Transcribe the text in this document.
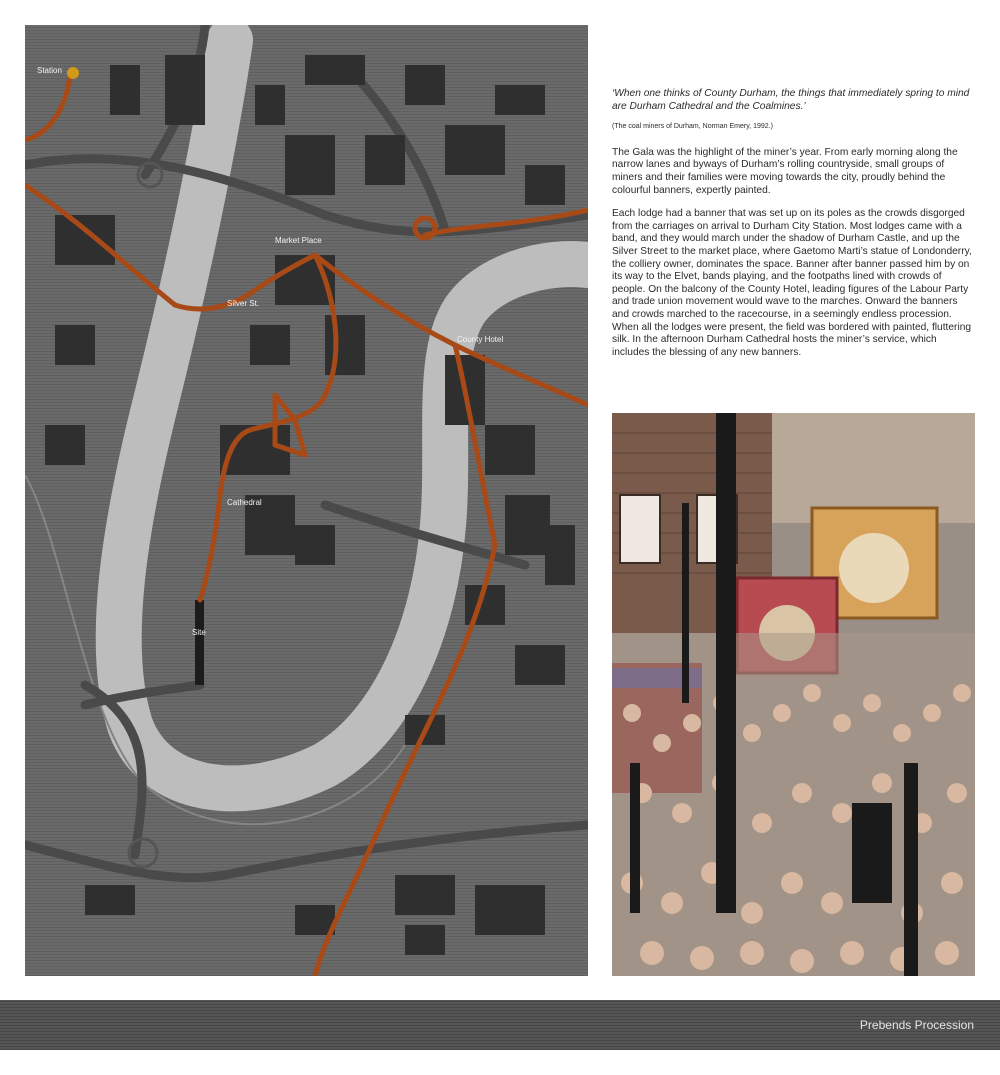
Station
Market Place
Silver St.
County Hotel
Cathedral
Site

‘When one thinks of County Durham, the things that immediately spring to mind are Durham Cathedral and the Coalmines.’

(The coal miners of Durham, Norman Emery, 1992.)

The Gala was the highlight of the miner’s year. From early morning along the narrow lanes and byways of Durham’s rolling countryside, small groups of miners and their families were moving towards the city, proudly behind the colourful banners, expertly painted.

Each lodge had a banner that was set up on its poles as the crowds disgorged from the carriages on arrival to Durham City Station. Most lodges came with a band, and they would march under the shadow of Durham Castle, and up the Silver Street to the market place, where Gaetomo Marti’s statue of Londonderry, the colliery owner, dominates the space. Banner after banner passed him by on its way to the Elvet, bands playing, and the footpaths lined with crowds of people. On the balcony of the County Hotel, leading figures of the Labour Party and trade union movement would wave to the marches. Onward the banners and crowds marched to the racecourse, in a seemingly endless procession. When all the lodges were present, the field was bordered with painted, fluttering silk. In the afternoon Durham Cathedral hosts the miner’s service, which includes the blessing of any new banners.

Prebends Procession
